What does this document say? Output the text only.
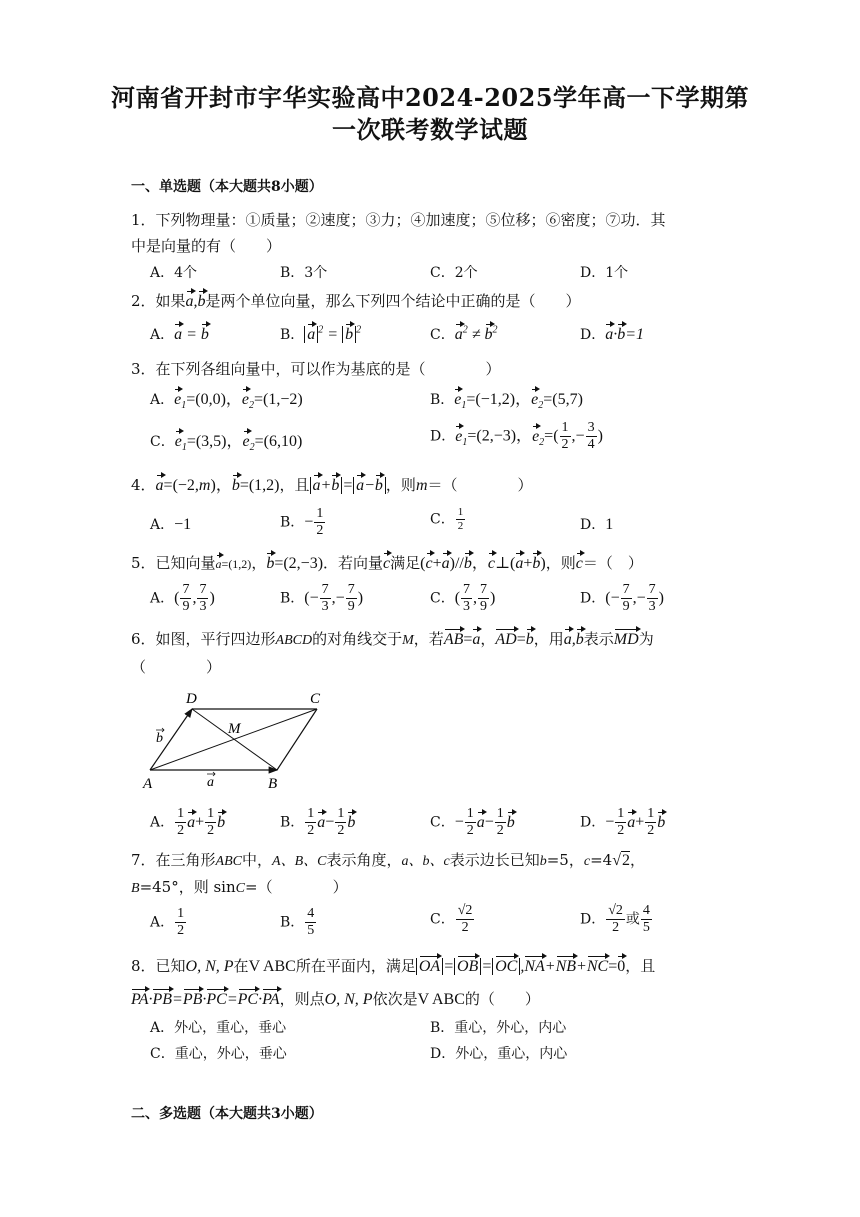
河南省开封市宇华实验高中2024-2025学年高一下学期第
一次联考数学试题
一、单选题（本大题共8小题）
1．下列物理量：①质量；②速度；③力；④加速度；⑤位移；⑥密度；⑦功．其
中是向量的有（　　）
A．4个	B．3个	C．2个	D．1个
2．如果a,b是两个单位向量，那么下列四个结论中正确的是（　　）
A．a = b	B． a $^2$ = b $^2$	C．$a^2 \ne b^2$	D．a·b=1
3．在下列各组向量中，可以作为基底的是（　　　　）
A．$e_1=(0,0)$，$e_2=(1,-2)$	B．$e_1=(-1,2)$，$e_2=(5,7)$
C．$e_1=(3,5)$，$e_2=(6,10)$	D．$e_1=(2,-3)$，$e_2=( \frac{1}{2}$ ,− $\frac{3}{4}$ )
4．a=(−2,m)，b=(1,2)，且 a+b = a−b ，则m＝（　　　　）
A．−1	B．− $\frac{1}{2}$	C． $\frac{1}{2}$	D．1
5．已知向量a=(1,2)，b=(2,−3)．若向量c满足(c+a)//b，c⊥(a+b)，则c＝（　）
A．( $\frac{7}{9}$ , $\frac{7}{3}$ )	B．(− $\frac{7}{3}$ ,− $\frac{7}{9}$ )	C．( $\frac{7}{3}$ , $\frac{7}{9}$ )	D．(− $\frac{7}{9}$ ,− $\frac{7}{3}$ )
6．如图，平行四边形ABCD的对角线交于M，若AB=a，AD=b，用a,b表示MD为
（　　　　）
D	C
A	B
M
b
a
A． $\frac{1}{2} a+ \frac{1}{2}$ b	B． $\frac{1}{2} a- \frac{1}{2}$ b	C．− $\frac{1}{2} a- \frac{1}{2}$ b	D．− $\frac{1}{2} a+ \frac{1}{2}$ b
7．在三角形ABC中，A、B、C表示角度，a、b、c表示边长已知b=5，c=4√2，
B=45°，则 sinC=（　　　　）
A． $\frac{1}{2}$	B． $\frac{4}{5}$	C． $\frac{√2}{2}$	D． $\frac{√2}{2}$ 或 $\frac{4}{5}$
8．已知O, N, P在V ABC所在平面内，满足 OA = OB = OC ,NA+NB+NC=0，且
PA·PB=PB·PC=PC·PA，则点O, N, P依次是V ABC的（　　）
A．外心，重心，垂心	B．重心，外心，内心
C．重心，外心，垂心	D．外心，重心，内心
二、多选题（本大题共3小题）
